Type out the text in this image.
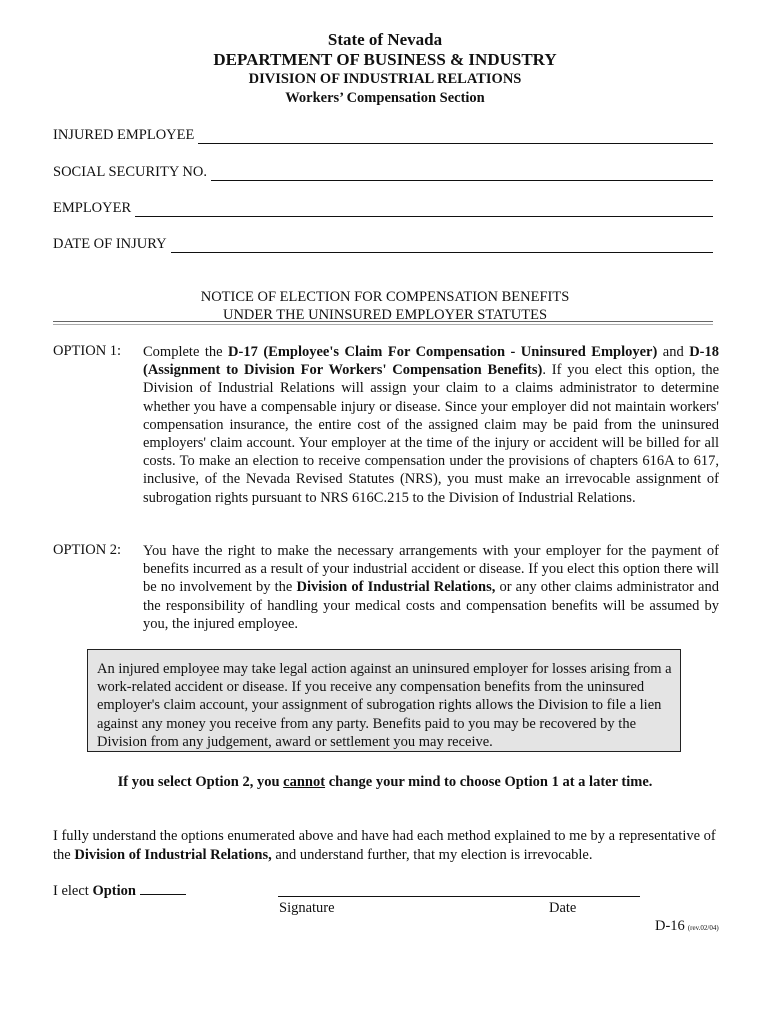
State of Nevada
DEPARTMENT OF BUSINESS & INDUSTRY
DIVISION OF INDUSTRIAL RELATIONS
Workers’ Compensation Section
INJURED EMPLOYEE
SOCIAL SECURITY NO.
EMPLOYER
DATE OF INJURY
NOTICE OF ELECTION FOR COMPENSATION BENEFITS
UNDER THE UNINSURED EMPLOYER STATUTES
OPTION 1: Complete the D-17 (Employee's Claim For Compensation - Uninsured Employer) and D-18 (Assignment to Division For Workers' Compensation Benefits). If you elect this option, the Division of Industrial Relations will assign your claim to a claims administrator to determine whether you have a compensable injury or disease. Since your employer did not maintain workers' compensation insurance, the entire cost of the assigned claim may be paid from the uninsured employers' claim account. Your employer at the time of the injury or accident will be billed for all costs. To make an election to receive compensation under the provisions of chapters 616A to 617, inclusive, of the Nevada Revised Statutes (NRS), you must make an irrevocable assignment of subrogation rights pursuant to NRS 616C.215 to the Division of Industrial Relations.
OPTION 2: You have the right to make the necessary arrangements with your employer for the payment of benefits incurred as a result of your industrial accident or disease. If you elect this option there will be no involvement by the Division of Industrial Relations, or any other claims administrator and the responsibility of handling your medical costs and compensation benefits will be assumed by you, the injured employee.
An injured employee may take legal action against an uninsured employer for losses arising from a work-related accident or disease. If you receive any compensation benefits from the uninsured employer's claim account, your assignment of subrogation rights allows the Division to file a lien against any money you receive from any party. Benefits paid to you may be recovered by the Division from any judgement, award or settlement you may receive.
If you select Option 2, you cannot change your mind to choose Option 1 at a later time.
I fully understand the options enumerated above and have had each method explained to me by a representative of the Division of Industrial Relations, and understand further, that my election is irrevocable.
I elect Option
Signature	Date
D-16 (rev.02/04)
